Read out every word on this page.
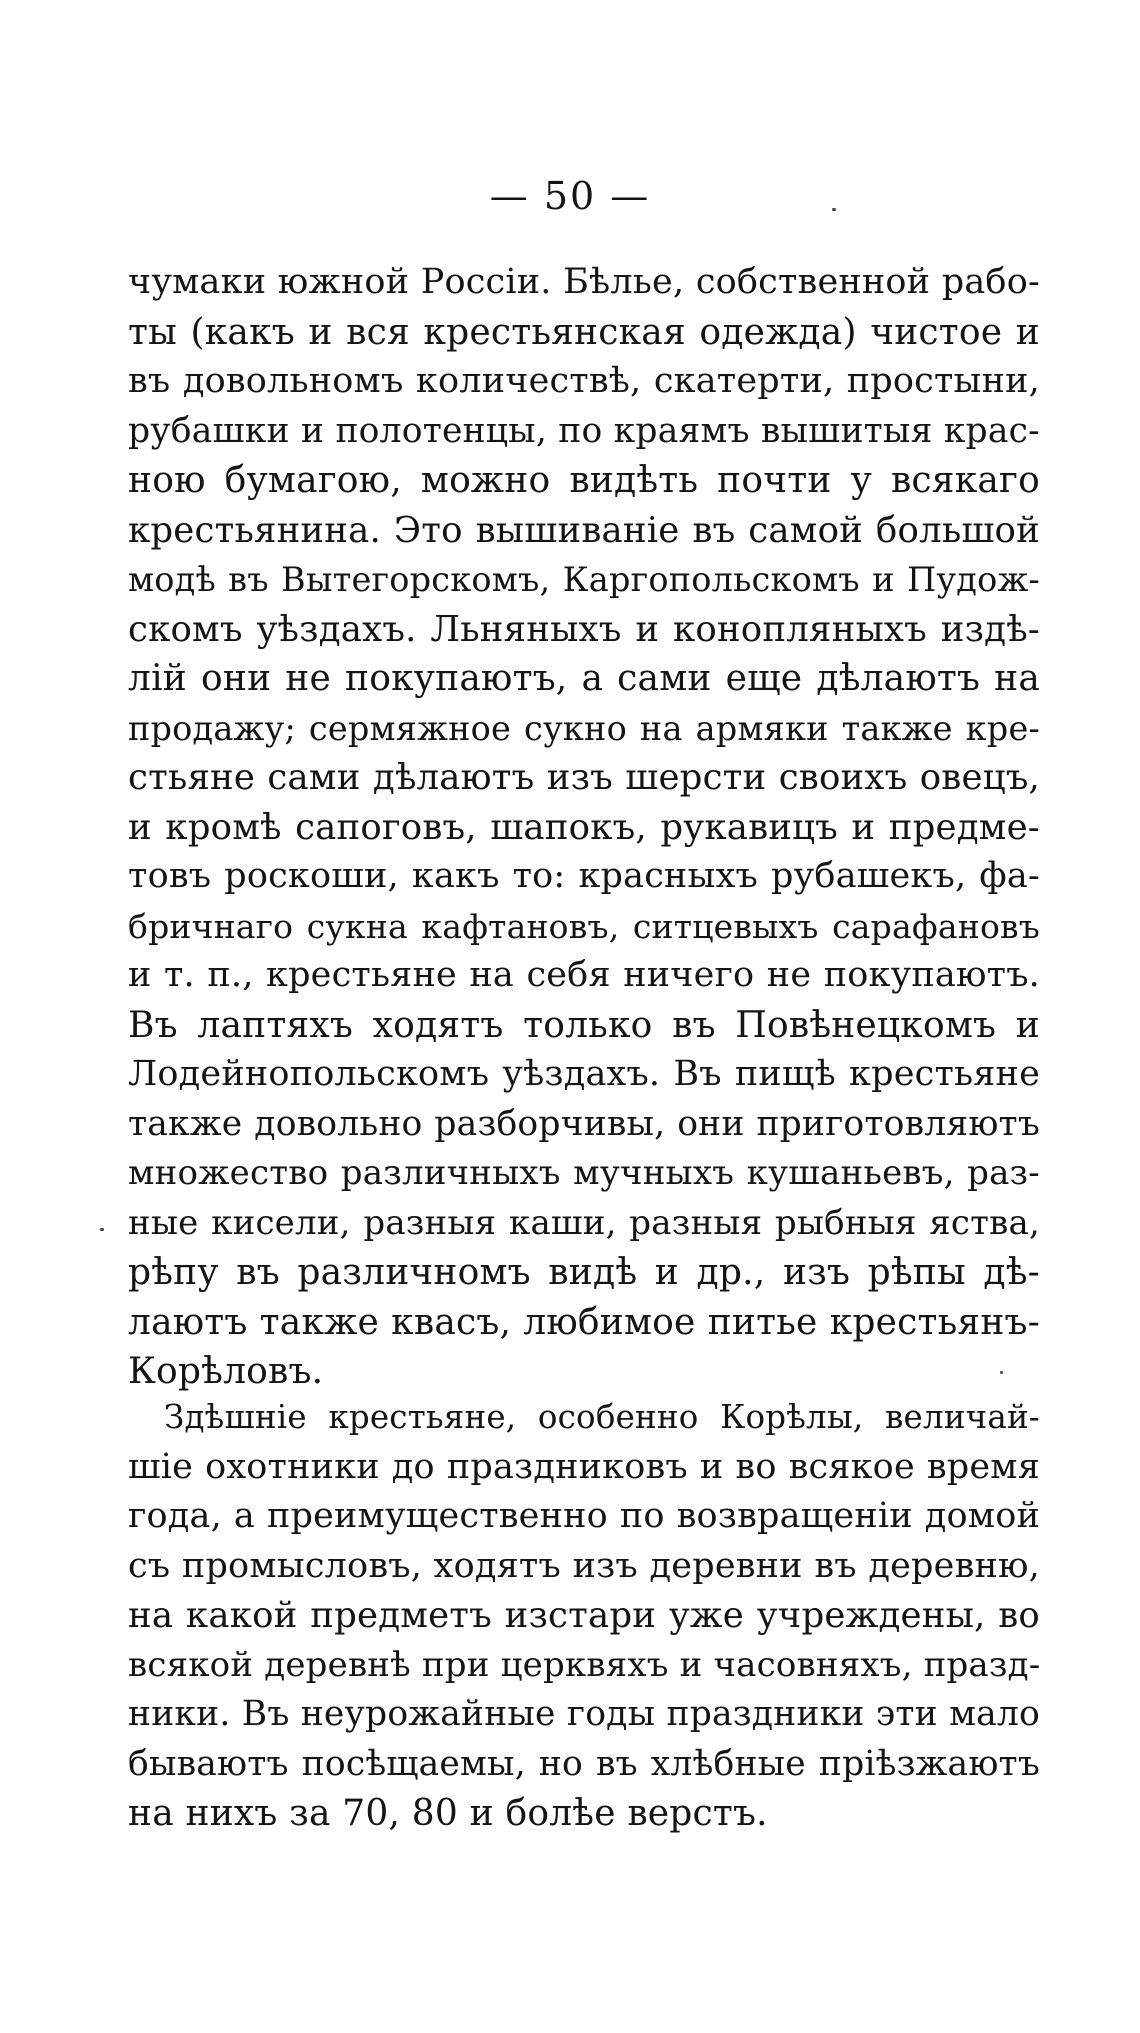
— 50 —
чумаки южной Россіи. Бѣлье, собственной рабо-
ты (какъ и вся крестьянская одежда) чистое и
въ довольномъ количествѣ, скатерти, простыни,
рубашки и полотенцы, по краямъ вышитыя крас-
ною бумагою, можно видѣть почти у всякаго
крестьянина. Это вышиваніе въ самой большой
модѣ въ Вытегорскомъ, Каргопольскомъ и Пудож-
скомъ уѣздахъ. Льняныхъ и конопляныхъ издѣ-
лій они не покупаютъ, а сами еще дѣлаютъ на
продажу; сермяжное сукно на армяки также кре-
стьяне сами дѣлаютъ изъ шерсти своихъ овецъ,
и кромѣ сапоговъ, шапокъ, рукавицъ и предме-
товъ роскоши, какъ то: красныхъ рубашекъ, фа-
бричнаго сукна кафтановъ, ситцевыхъ сарафановъ
и т. п., крестьяне на себя ничего не покупаютъ.
Въ лаптяхъ ходятъ только въ Повѣнецкомъ и
Лодейнопольскомъ уѣздахъ. Въ пищѣ крестьяне
также довольно разборчивы, они приготовляютъ
множество различныхъ мучныхъ кушаньевъ, раз-
ные кисели, разныя каши, разныя рыбныя яства,
рѣпу въ различномъ видѣ и др., изъ рѣпы дѣ-
лаютъ также квасъ, любимое питье крестьянъ-
Корѣловъ.
Здѣшніе крестьяне, особенно Корѣлы, величай-
шіе охотники до праздниковъ и во всякое время
года, а преимущественно по возвращеніи домой
съ промысловъ, ходятъ изъ деревни въ деревню,
на какой предметъ изстари уже учреждены, во
всякой деревнѣ при церквяхъ и часовняхъ, празд-
ники. Въ неурожайные годы праздники эти мало
бываютъ посѣщаемы, но въ хлѣбные пріѣзжаютъ
на нихъ за 70, 80 и болѣе верстъ.
